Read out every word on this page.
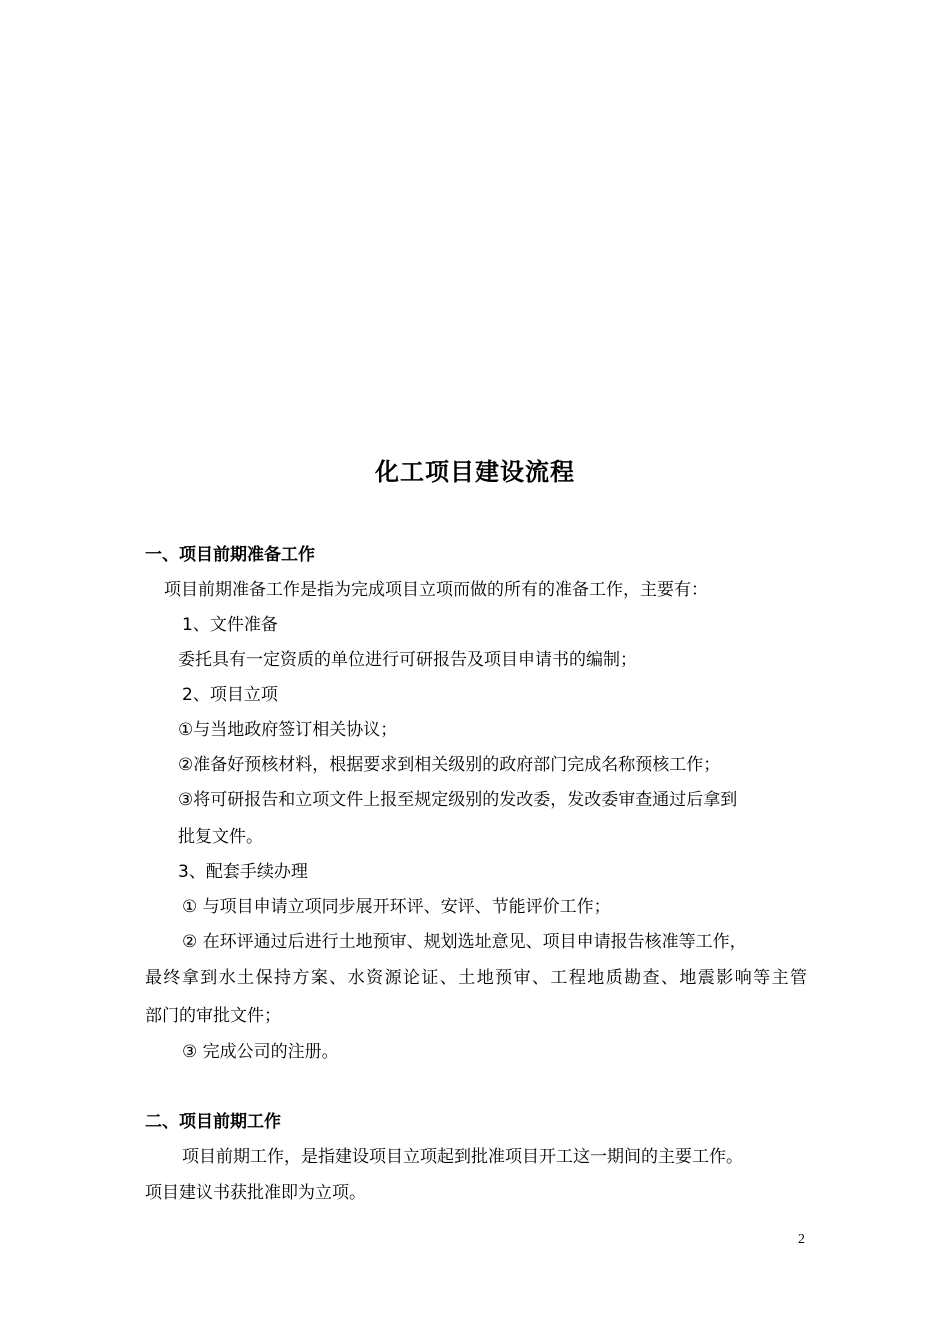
化工项目建设流程
一、项目前期准备工作
项目前期准备工作是指为完成项目立项而做的所有的准备工作，主要有：
1、文件准备
委托具有一定资质的单位进行可研报告及项目申请书的编制；
2、项目立项
①与当地政府签订相关协议；
②准备好预核材料，根据要求到相关级别的政府部门完成名称预核工作；
③将可研报告和立项文件上报至规定级别的发改委，发改委审查通过后拿到
批复文件。
3、配套手续办理
① 与项目申请立项同步展开环评、安评、节能评价工作；
② 在环评通过后进行土地预审、规划选址意见、项目申请报告核准等工作，
最终拿到水土保持方案、水资源论证、土地预审、工程地质勘查、地震影响等主管
部门的审批文件；
③ 完成公司的注册。
二、项目前期工作
项目前期工作，是指建设项目立项起到批准项目开工这一期间的主要工作。
项目建议书获批准即为立项。
2
